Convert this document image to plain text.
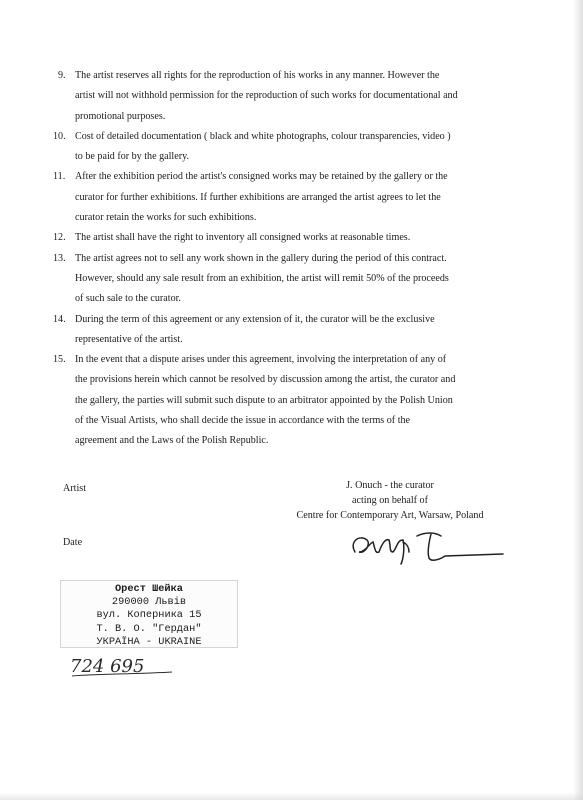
9. The artist reserves all rights for the reproduction of his works in any manner. However the
artist will not withhold permission for the reproduction of such works for documentational and
promotional purposes.
10. Cost of detailed documentation ( black and white photographs, colour transparencies, video )
to be paid for by the gallery.
11. After the exhibition period the artist's consigned works may be retained by the gallery or the
curator for further exhibitions. If further exhibitions are arranged the artist agrees to let the
curator retain the works for such exhibitions.
12. The artist shall have the right to inventory all consigned works at reasonable times.
13. The artist agrees not to sell any work shown in the gallery during the period of this contract.
However, should any sale result from an exhibition, the artist will remit 50% of the proceeds
of such sale to the curator.
14. During the term of this agreement or any extension of it, the curator will be the exclusive
representative of the artist.
15. In the event that a dispute arises under this agreement, involving the interpretation of any of
the provisions herein which cannot be resolved by discussion among the artist, the curator and
the gallery, the parties will submit such dispute to an arbitrator appointed by the Polish Union
of the Visual Artists, who shall decide the issue in accordance with the terms of the
agreement and the Laws of the Polish Republic.
Artist
Date
J. Onuch - the curator
acting on behalf of
Centre for Contemporary Art, Warsaw, Poland
Орест Шейка
290000 Львів
вул. Коперника 15
Т. В. О. "Гердан"
УКРАЇНА - UKRAINE
724 695
